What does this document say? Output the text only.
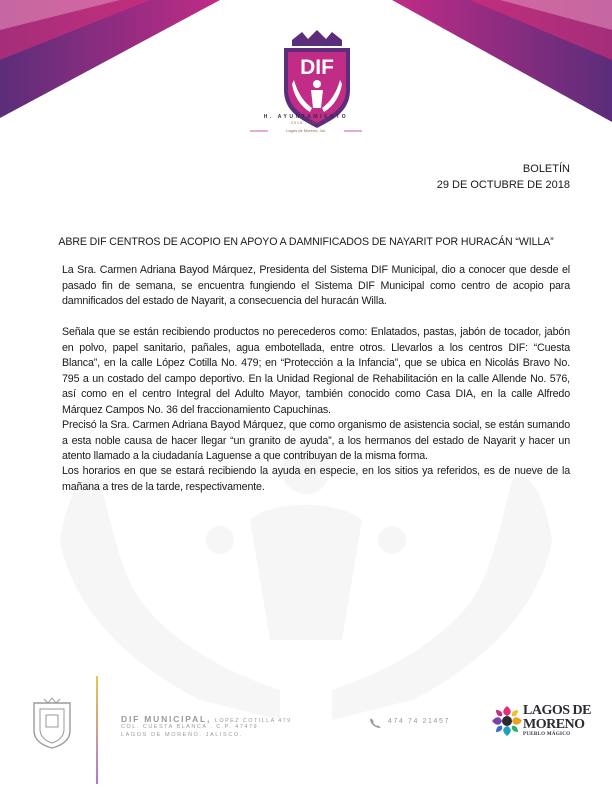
DIF
H. AYUNTAMIENTO
2018 - 2021
Lagos de Moreno, Jal.
BOLETÍN
29 DE OCTUBRE DE 2018
ABRE DIF CENTROS DE ACOPIO EN APOYO A DAMNIFICADOS DE NAYARIT POR HURACÁN “WILLA”

La Sra. Carmen Adriana Bayod Márquez, Presidenta del Sistema DIF Municipal, dio a conocer que desde el pasado fin de semana, se encuentra fungiendo el Sistema DIF Municipal como centro de acopio para damnificados del estado de Nayarit, a consecuencia del huracán Willa.

Señala que se están recibiendo productos no perecederos como: Enlatados, pastas, jabón de tocador, jabón en polvo, papel sanitario, pañales, agua embotellada, entre otros. Llevarlos a los centros DIF: “Cuesta Blanca”, en la calle López Cotilla No. 479; en “Protección a la Infancia”, que se ubica en Nicolás Bravo No. 795 a un costado del campo deportivo. En la Unidad Regional de Rehabilitación en la calle Allende No. 576, así como en el centro Integral del Adulto Mayor, también conocido como Casa DIA, en la calle Alfredo Márquez Campos No. 36 del fraccionamiento Capuchinas.

Precisó la Sra. Carmen Adriana Bayod Márquez, que como organismo de asistencia social, se están sumando a esta noble causa de hacer llegar “un granito de ayuda”, a los hermanos del estado de Nayarit y hacer un atento llamado a la ciudadanía Laguense a que contribuyan de la misma forma.

Los horarios en que se estará recibiendo la ayuda en especie, en los sitios ya referidos, es de nueve de la mañana a tres de la tarde, respectivamente.

DIF MUNICIPAL, LOPEZ COTILLA 479
COL. CUESTA BLANCA . C.P. 47479
LAGOS DE MORENO. JALISCO.
474 74 21457
LAGOS DE
MORENO
PUEBLO MÁGICO
